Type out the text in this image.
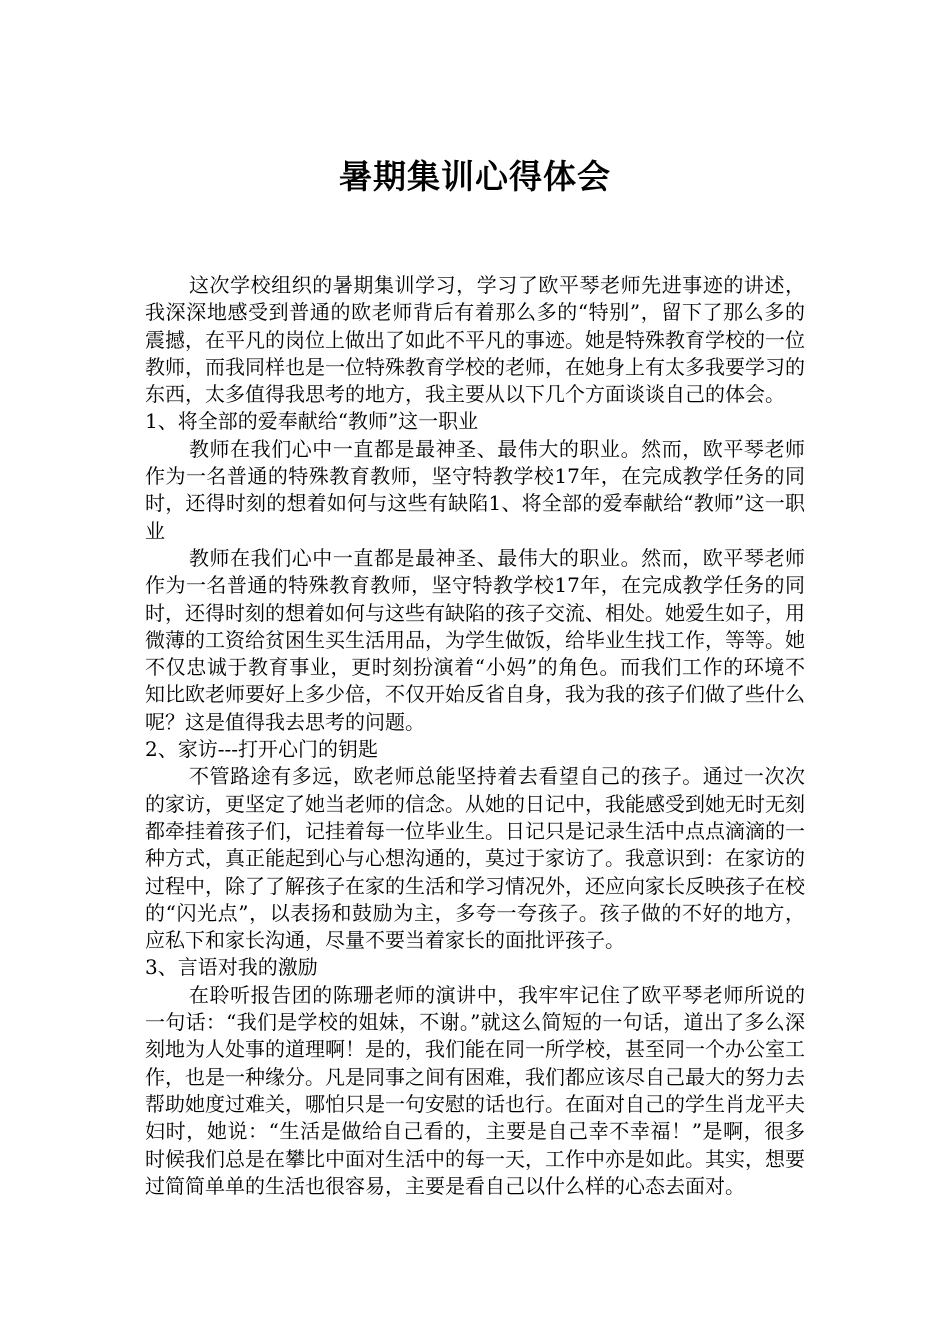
暑期集训心得体会

这次学校组织的暑期集训学习，学习了欧平琴老师先进事迹的讲述，我深深地感受到普通的欧老师背后有着那么多的“特别”，留下了那么多的震撼，在平凡的岗位上做出了如此不平凡的事迹。她是特殊教育学校的一位教师，而我同样也是一位特殊教育学校的老师，在她身上有太多我要学习的东西，太多值得我思考的地方，我主要从以下几个方面谈谈自己的体会。

1、将全部的爱奉献给“教师”这一职业

教师在我们心中一直都是最神圣、最伟大的职业。然而，欧平琴老师作为一名普通的特殊教育教师，坚守特教学校17年，在完成教学任务的同时，还得时刻的想着如何与这些有缺陷1、将全部的爱奉献给“教师”这一职业

教师在我们心中一直都是最神圣、最伟大的职业。然而，欧平琴老师作为一名普通的特殊教育教师，坚守特教学校17年，在完成教学任务的同时，还得时刻的想着如何与这些有缺陷的孩子交流、相处。她爱生如子，用微薄的工资给贫困生买生活用品，为学生做饭，给毕业生找工作，等等。她不仅忠诚于教育事业，更时刻扮演着“小妈”的角色。而我们工作的环境不知比欧老师要好上多少倍，不仅开始反省自身，我为我的孩子们做了些什么呢？这是值得我去思考的问题。

2、家访---打开心门的钥匙

不管路途有多远，欧老师总能坚持着去看望自己的孩子。通过一次次的家访，更坚定了她当老师的信念。从她的日记中，我能感受到她无时无刻都牵挂着孩子们，记挂着每一位毕业生。日记只是记录生活中点点滴滴的一种方式，真正能起到心与心想沟通的，莫过于家访了。我意识到：在家访的过程中，除了了解孩子在家的生活和学习情况外，还应向家长反映孩子在校的“闪光点”，以表扬和鼓励为主，多夸一夸孩子。孩子做的不好的地方，应私下和家长沟通，尽量不要当着家长的面批评孩子。

3、言语对我的激励

在聆听报告团的陈珊老师的演讲中，我牢牢记住了欧平琴老师所说的一句话：“我们是学校的姐妹，不谢。”就这么简短的一句话，道出了多么深刻地为人处事的道理啊！是的，我们能在同一所学校，甚至同一个办公室工作，也是一种缘分。凡是同事之间有困难，我们都应该尽自己最大的努力去帮助她度过难关，哪怕只是一句安慰的话也行。在面对自己的学生肖龙平夫妇时，她说：“生活是做给自己看的，主要是自己幸不幸福！”是啊，很多时候我们总是在攀比中面对生活中的每一天，工作中亦是如此。其实，想要过简简单单的生活也很容易，主要是看自己以什么样的心态去面对。
